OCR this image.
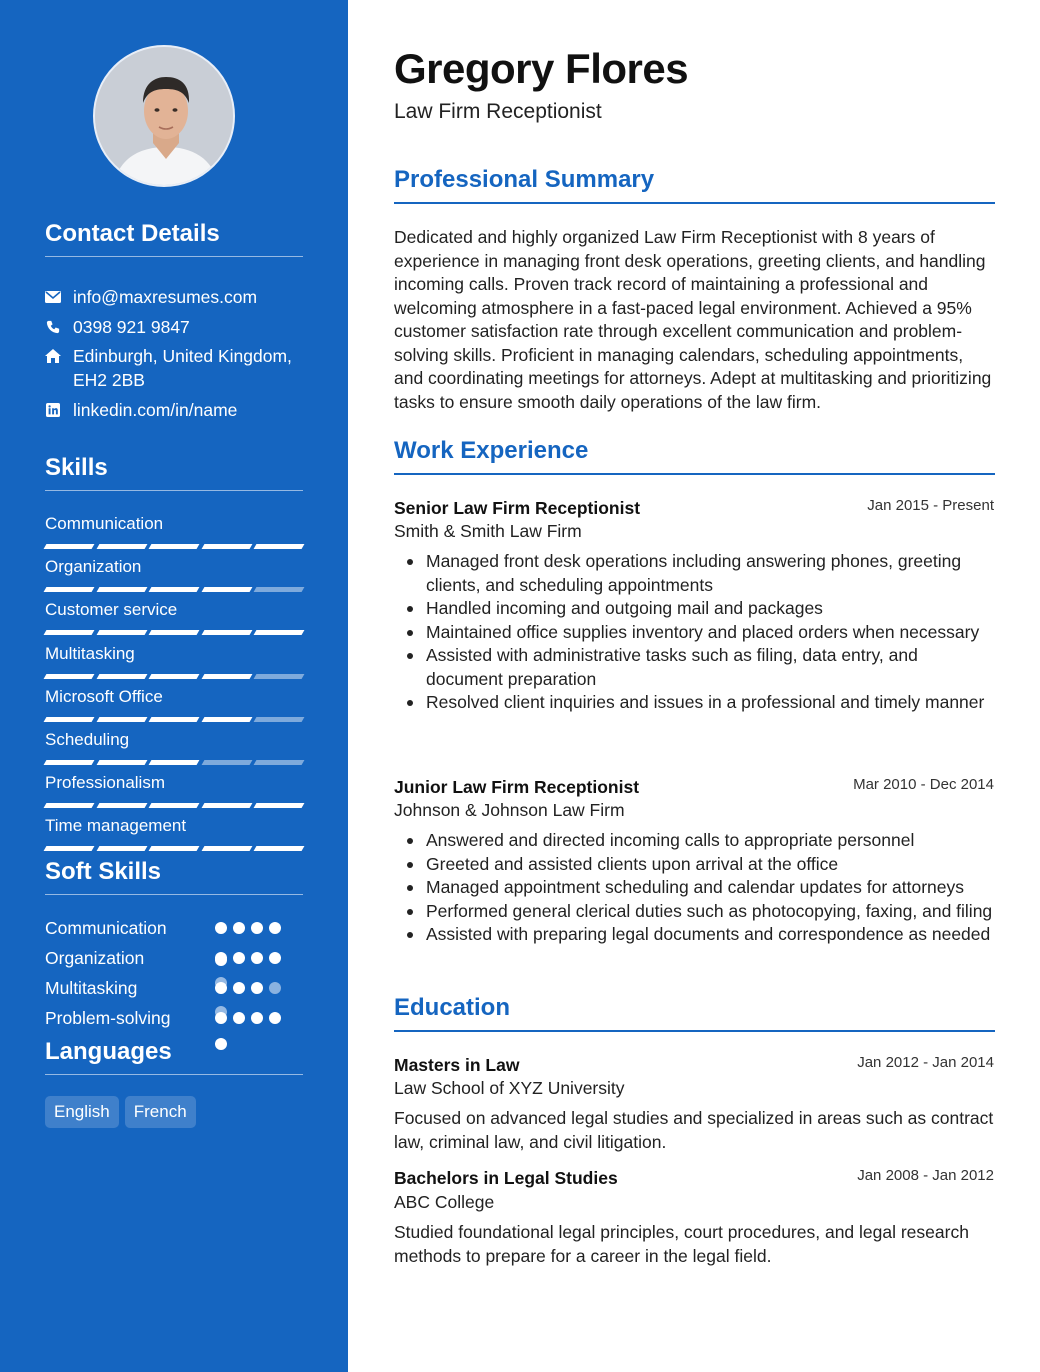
Contact Details
info@maxresumes.com
0398 921 9847
Edinburgh, United Kingdom,
EH2 2BB
linkedin.com/in/name
Skills
Soft Skills
Languages
English	French
Communication
Organization
Customer service
Multitasking
Microsoft Office
Scheduling
Professionalism
Time management
Communication
Organization
Multitasking
Problem-solving
Gregory Flores
Law Firm Receptionist
Professional Summary
Dedicated and highly organized Law Firm Receptionist with 8 years of experience in managing front desk operations, greeting clients, and handling incoming calls. Proven track record of maintaining a professional and welcoming atmosphere in a fast-paced legal environment. Achieved a 95% customer satisfaction rate through excellent communication and problem-solving skills. Proficient in managing calendars, scheduling appointments, and coordinating meetings for attorneys. Adept at multitasking and prioritizing tasks to ensure smooth daily operations of the law firm.
Work Experience
Senior Law Firm Receptionist	Jan 2015 - Present
Smith & Smith Law Firm
Managed front desk operations including answering phones, greeting clients, and scheduling appointments
Handled incoming and outgoing mail and packages
Maintained office supplies inventory and placed orders when necessary
Assisted with administrative tasks such as filing, data entry, and document preparation
Resolved client inquiries and issues in a professional and timely manner
Junior Law Firm Receptionist	Mar 2010 - Dec 2014
Johnson & Johnson Law Firm
Answered and directed incoming calls to appropriate personnel
Greeted and assisted clients upon arrival at the office
Managed appointment scheduling and calendar updates for attorneys
Performed general clerical duties such as photocopying, faxing, and filing
Assisted with preparing legal documents and correspondence as needed
Education
Masters in Law	Jan 2012 - Jan 2014
Law School of XYZ University
Focused on advanced legal studies and specialized in areas such as contract law, criminal law, and civil litigation.
Bachelors in Legal Studies	Jan 2008 - Jan 2012
ABC College
Studied foundational legal principles, court procedures, and legal research methods to prepare for a career in the legal field.
